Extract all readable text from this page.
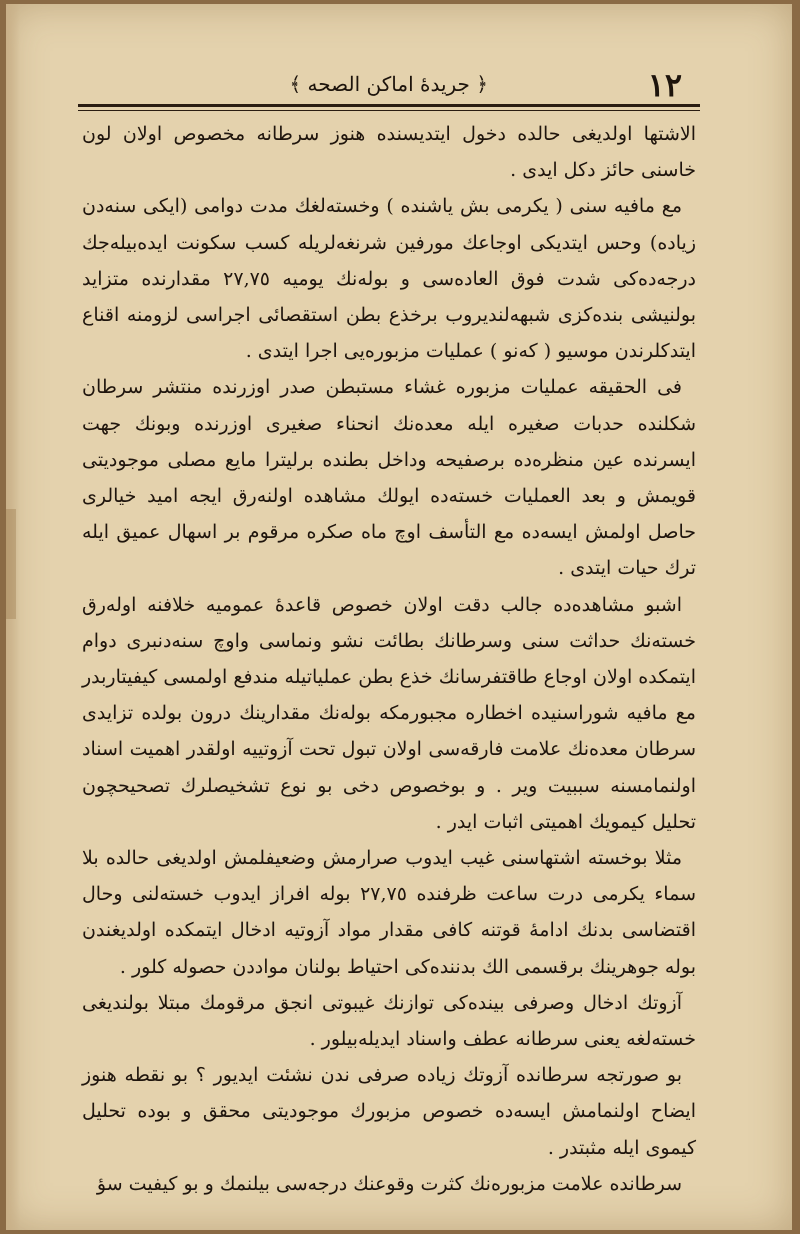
١٢
﴿ جريدهٔ اماكن الصحه ﴾

الاشتها اولديغی حالده دخول ايتديسنده هنوز سرطانه مخصوص اولان لون خاسنی حائز دكل ايدی .

مع مافيه سنی ( يكرمی بش ياشنده ) وخستەلغك مدت دوامی (ايكی سنەدن زياده) وحس ايتديكی اوجاعك مورفين شرنغەلريله كسب سكونت ايدەبيلەجك درجەدەكی شدت فوق العادەسی و بولەنك يوميه ٢٧,٧٥ مقدارنده متزايد بولنيشی بندەكزی شبهەلنديروب برخذع بطن استقصائی اجراسی لزومنه اقناع ايتدكلرندن موسيو ( كەنو ) عمليات مزبورەيی اجرا ايتدی .

فی الحقيقه عمليات مزبوره غشاء مستبطن صدر اوزرنده منتشر سرطان شكلنده حدبات صغيره ايله معدەنك انحناء صغيری اوزرنده وبونك جهت ايسرنده عين منظرەده برصفيحه وداخل بطنده برليترا مايع مصلی موجوديتی قويمش و بعد العمليات خستەده ايولك مشاهده اولنەرق ايجه اميد خيالری حاصل اولمش ايسەده مع التأسف اوچ ماه صكره مرقوم بر اسهال عميق ايله ترك حيات ايتدی .

اشبو مشاهدەده جالب دقت اولان خصوص قاعدهٔ عموميه خلافنه اولەرق خستەنك حداثت سنی وسرطانك بطائت نشو ونماسی واوچ سنەدنبری دوام ايتمكده اولان اوجاع طاقتفرسانك خذع بطن عملياتيله مندفع اولمسی كيفيتاربدر مع مافيه شوراسنيده اخطاره مجبورمكه بولەنك مقدارينك درون بولده تزايدی سرطان معدەنك علامت فارقەسی اولان تبول تحت آزوتیيه اولقدر اهميت اسناد اولنمامسنه سببيت وير . و بوخصوص دخی بو نوع تشخيصلرك تصحيحچون تحليل كيمويك اهميتی اثبات ايدر .

مثلا بوخسته اشتهاسنی غيب ايدوب صرارمش وضعيفلمش اولديغی حالده بلا سماء يكرمی درت ساعت ظرفنده ٢٧,٧٥ بوله افراز ايدوب خستەلنی وحال اقتضاسی بدنك ادامهٔ قوتنه كافی مقدار مواد آزوتيه ادخال ايتمكده اولديغندن بوله جوهرينك برقسمی الك بدنندەكی احتياط بولنان مواددن حصوله كلور .

آزوتك ادخال وصرفی بيندەكی توازنك غيبوتی انجق مرقومك مبتلا بولنديغی خستەلغه يعنی سرطانه عطف واسناد ايديلەبيلور .

بو صورتجه سرطانده آزوتك زياده صرفی ندن نشئت ايديور ؟ بو نقطه هنوز ايضاح اولنمامش ايسەده خصوص مزبورك موجوديتی محقق و بوده تحليل كيموی ايله مثبتدر .

سرطانده علامت مزبورەنك كثرت وقوعنك درجەسی بيلنمك و بو كيفيت سؤ
